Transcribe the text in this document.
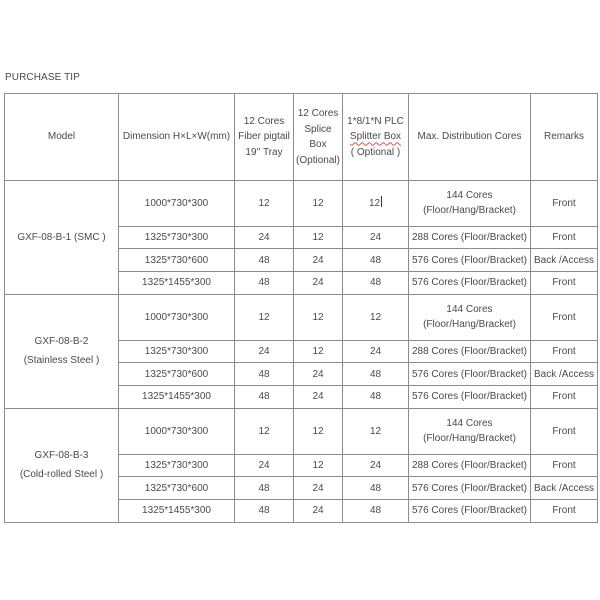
PURCHASE TIP
Model	Dimension H×L×W(mm)	12 Cores
Fiber pigtail
19'' Tray	12 Cores
Splice
Box
(Optional)	1*8/1*N PLC
Splitter Box
( Optional )	Max. Distribution Cores	Remarks

GXF-08-B-1 (SMC )	1000*730*300	12	12	12	144 Cores (Floor/Hang/Bracket)	Front
	1325*730*300	24	12	24	288 Cores (Floor/Bracket)	Front
	1325*730*600	48	24	48	576 Cores (Floor/Bracket)	Back /Access
	1325*1455*300	48	24	48	576 Cores (Floor/Bracket)	Front

GXF-08-B-2
(Stainless Steel )	1000*730*300	12	12	12	144 Cores (Floor/Hang/Bracket)	Front
	1325*730*300	24	12	24	288 Cores (Floor/Bracket)	Front
	1325*730*600	48	24	48	576 Cores (Floor/Bracket)	Back /Access
	1325*1455*300	48	24	48	576 Cores (Floor/Bracket)	Front

GXF-08-B-3
(Cold-rolled Steel )	1000*730*300	12	12	12	144 Cores (Floor/Hang/Bracket)	Front
	1325*730*300	24	12	24	288 Cores (Floor/Bracket)	Front
	1325*730*600	48	24	48	576 Cores (Floor/Bracket)	Back /Access
	1325*1455*300	48	24	48	576 Cores (Floor/Bracket)	Front
